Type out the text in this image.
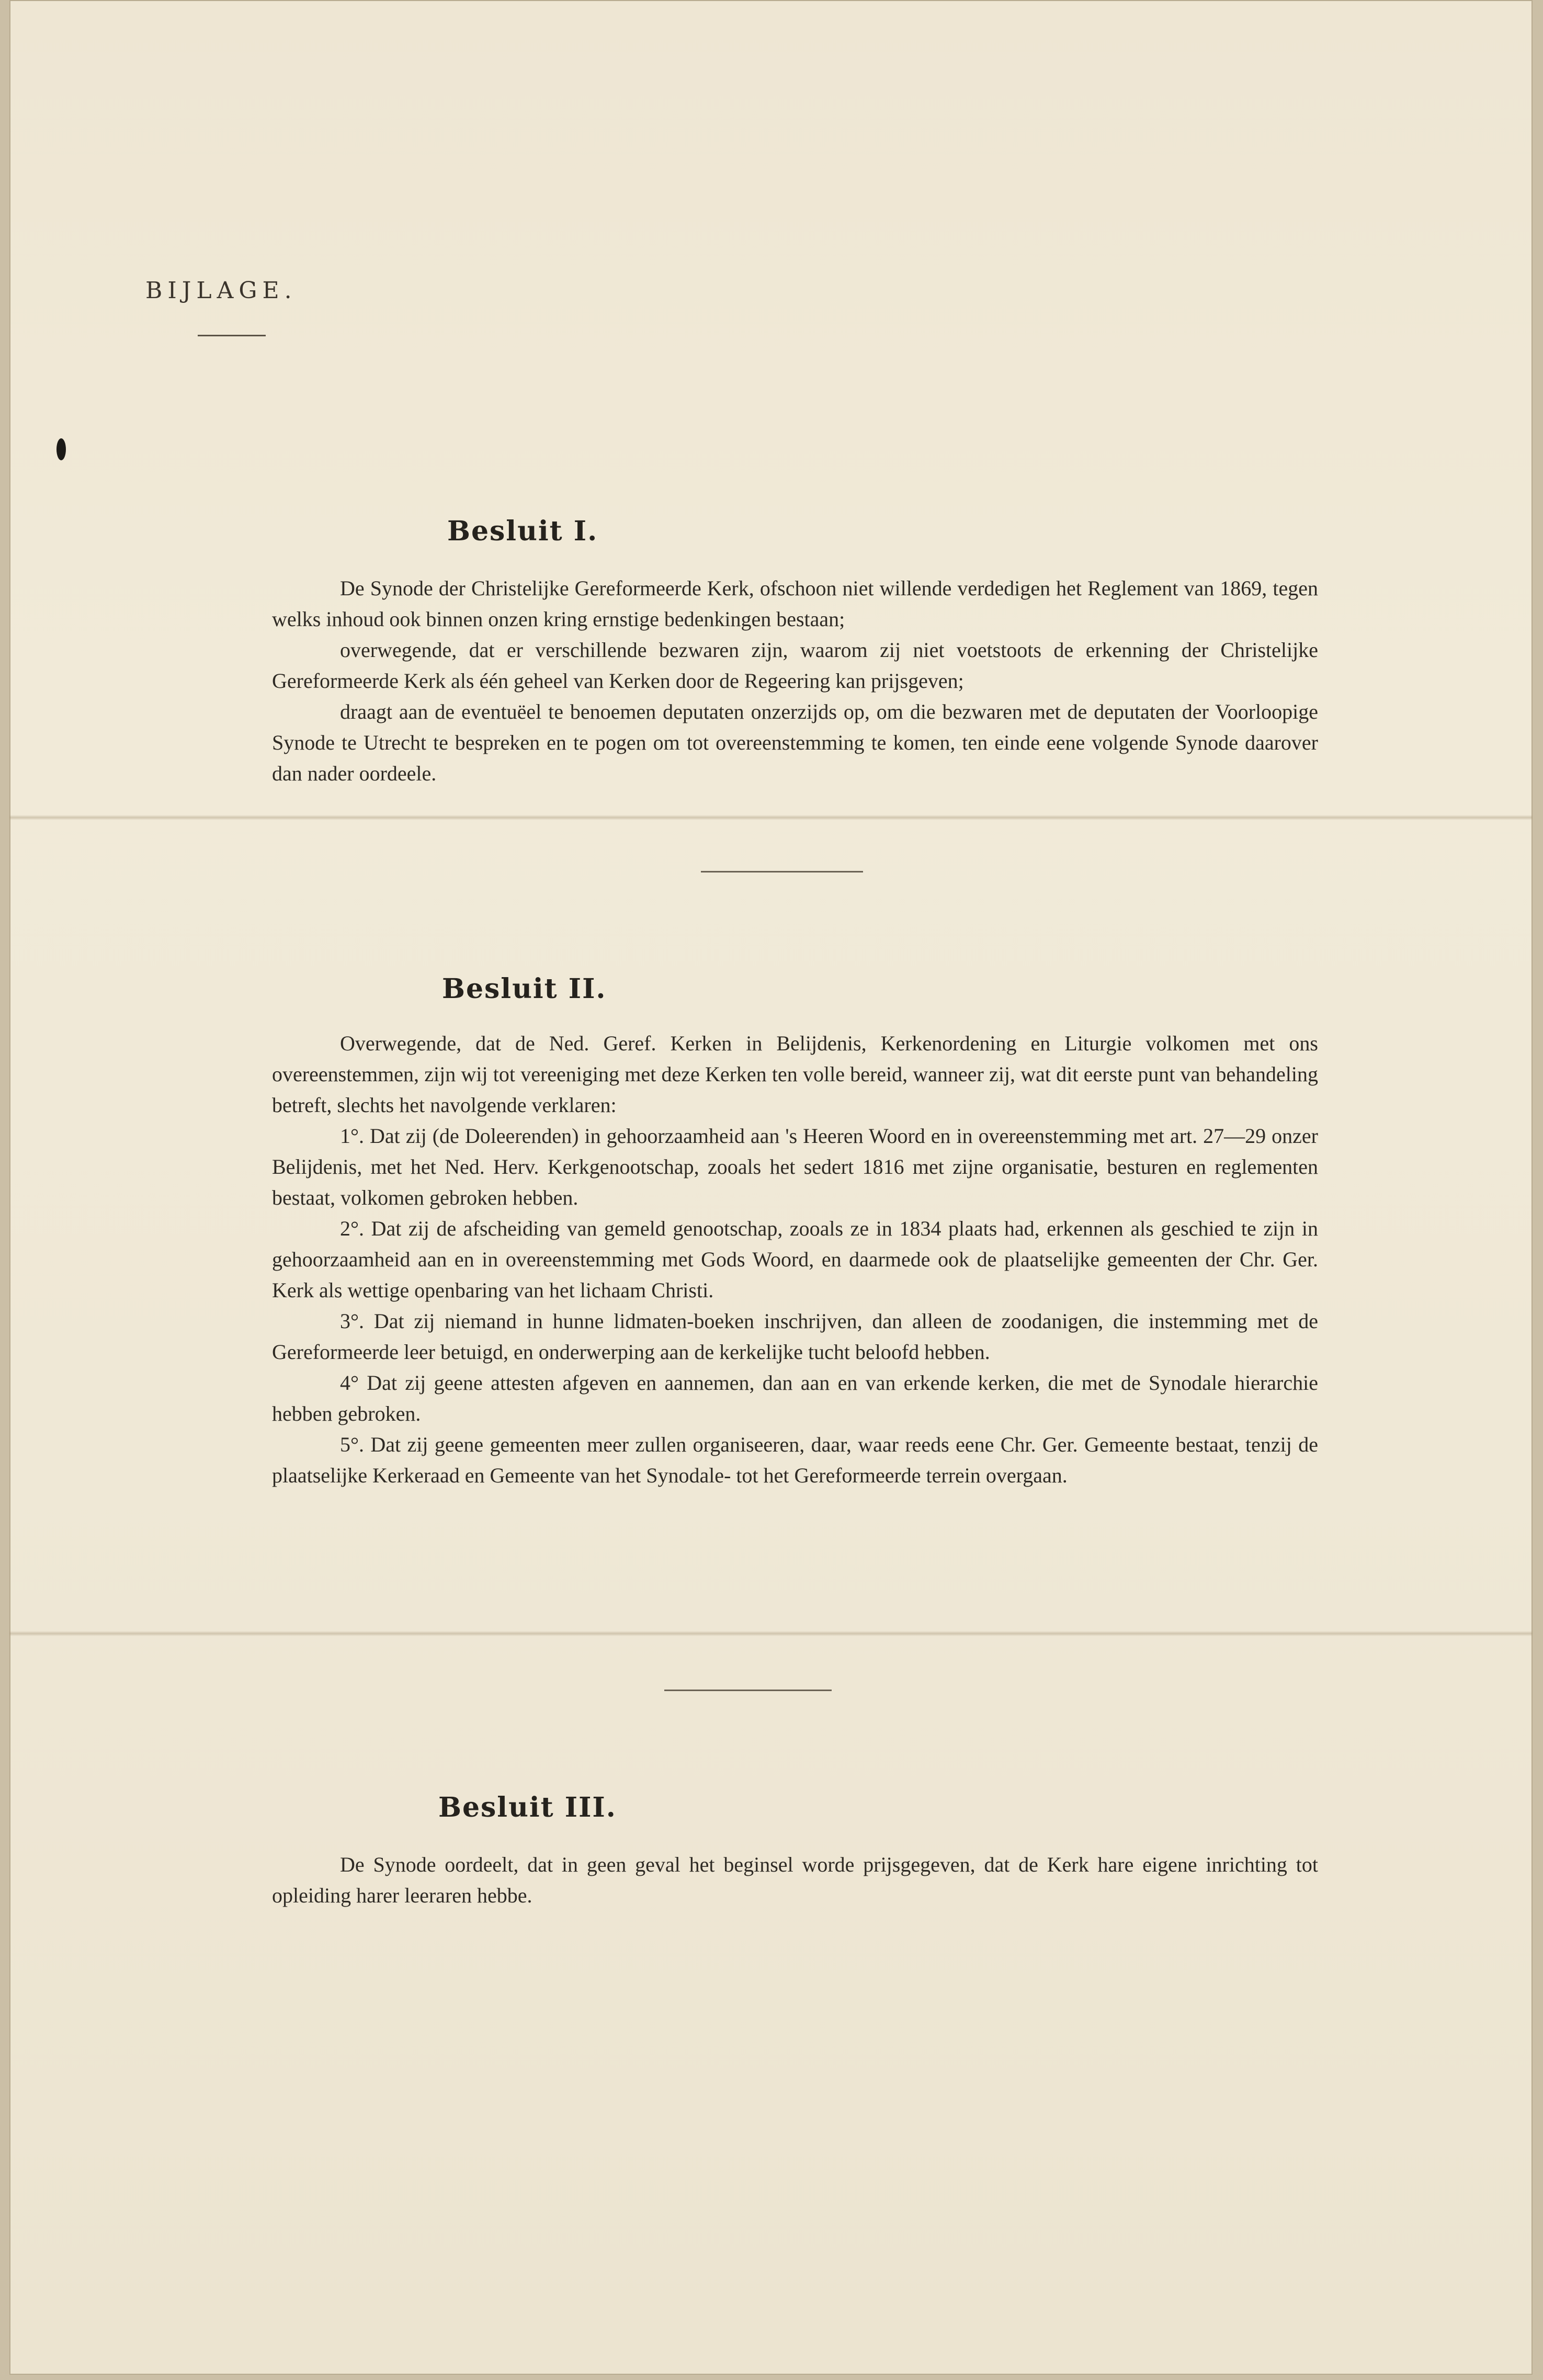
BIJLAGE.
Besluit I.

De Synode der Christelijke Gereformeerde Kerk, ofschoon niet willende verdedigen het Reglement van 1869, tegen welks inhoud ook binnen onzen kring ernstige bedenkingen bestaan;

overwegende, dat er verschillende bezwaren zijn, waarom zij niet voetstoots de erkenning der Christelijke Gereformeerde Kerk als één geheel van Kerken door de Regeering kan prijsgeven;

draagt aan de eventuëel te benoemen deputaten onzerzijds op, om die bezwaren met de deputaten der Voorloopige Synode te Utrecht te bespreken en te pogen om tot overeenstemming te komen, ten einde eene volgende Synode daarover dan nader oordeele.

Besluit II.

Overwegende, dat de Ned. Geref. Kerken in Belijdenis, Kerkenordening en Liturgie volkomen met ons overeenstemmen, zijn wij tot vereeniging met deze Kerken ten volle bereid, wanneer zij, wat dit eerste punt van behandeling betreft, slechts het navolgende verklaren:

1°. Dat zij (de Doleerenden) in gehoorzaamheid aan 's Heeren Woord en in overeenstemming met art. 27—29 onzer Belijdenis, met het Ned. Herv. Kerkgenootschap, zooals het sedert 1816 met zijne organisatie, besturen en reglementen bestaat, volkomen gebroken hebben.

2°. Dat zij de afscheiding van gemeld genootschap, zooals ze in 1834 plaats had, erkennen als geschied te zijn in gehoorzaamheid aan en in overeenstemming met Gods Woord, en daarmede ook de plaatselijke gemeenten der Chr. Ger. Kerk als wettige openbaring van het lichaam Christi.

3°. Dat zij niemand in hunne lidmaten-boeken inschrijven, dan alleen de zoodanigen, die instemming met de Gereformeerde leer betuigd, en onderwerping aan de kerkelijke tucht beloofd hebben.

4° Dat zij geene attesten afgeven en aannemen, dan aan en van erkende kerken, die met de Synodale hierarchie hebben gebroken.

5°. Dat zij geene gemeenten meer zullen organiseeren, daar, waar reeds eene Chr. Ger. Gemeente bestaat, tenzij de plaatselijke Kerkeraad en Gemeente van het Synodale- tot het Gereformeerde terrein overgaan.

Besluit III.

De Synode oordeelt, dat in geen geval het beginsel worde prijsgegeven, dat de Kerk hare eigene inrichting tot opleiding harer leeraren hebbe.
